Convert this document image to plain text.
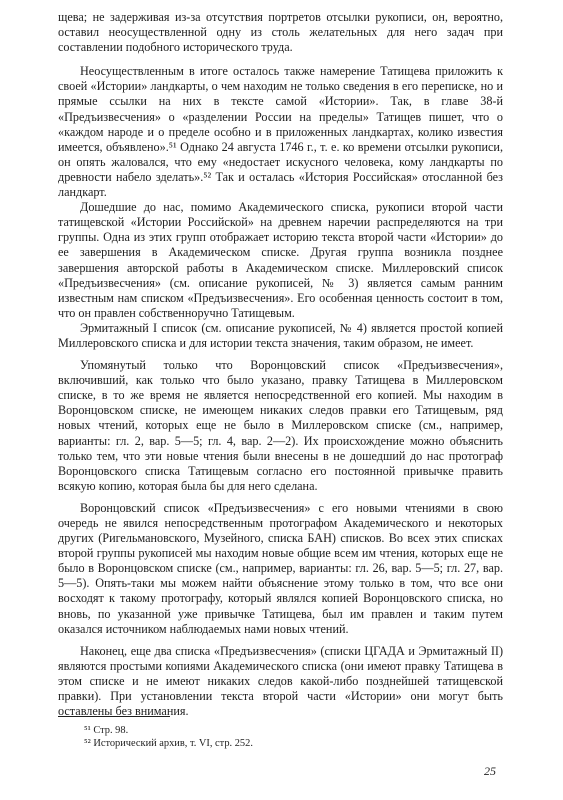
щева; не задерживая из-за отсутствия портретов отсылки рукописи, он, вероятно, оставил неосуществленной одну из столь желательных для него задач при составлении подобного исторического труда.

Неосуществленным в итоге осталось также намерение Татищева приложить к своей «Истории» ландкарты, о чем находим не только сведения в его переписке, но и прямые ссылки на них в тексте самой «Истории». Так, в главе 38-й «Предъизвесчения» о «разделении России на пределы» Татищев пишет, что о «каждом народе и о пределе особно и в приложенных ландкартах, колико известия имеется, объявлено».⁵¹ Однако 24 августа 1746 г., т. е. ко времени отсылки рукописи, он опять жаловался, что ему «недостает искусного человека, кому ландкарты по древности набело зделать».⁵² Так и осталась «История Российская» отосланной без ландкарт.

Дошедшие до нас, помимо Академического списка, рукописи второй части татищевской «Истории Российской» на древнем наречии распределяются на три группы. Одна из этих групп отображает историю текста второй части «Истории» до ее завершения в Академическом списке. Другая группа возникла позднее завершения авторской работы в Академическом списке. Миллеровский список «Предъизвесчения» (см. описание рукописей, № 3) является самым ранним известным нам списком «Предъизвесчения». Его особенная ценность состоит в том, что он правлен собственноручно Татищевым.

Эрмитажный I список (см. описание рукописей, № 4) является простой копией Миллеровского списка и для истории текста значения, таким образом, не имеет.

Упомянутый только что Воронцовский список «Предъизвесчения», включивший, как только что было указано, правку Татищева в Миллеровском списке, в то же время не является непосредственной его копией. Мы находим в Воронцовском списке, не имеющем никаких следов правки его Татищевым, ряд новых чтений, которых еще не было в Миллеровском списке (см., например, варианты: гл. 2, вар. 5—5; гл. 4, вар. 2—2). Их происхождение можно объяснить только тем, что эти новые чтения были внесены в не дошедший до нас протограф Воронцовского списка Татищевым согласно его постоянной привычке править всякую копию, которая была бы для него сделана.

Воронцовский список «Предъизвесчения» с его новыми чтениями в свою очередь не явился непосредственным протографом Академического и некоторых других (Ригельмановского, Музейного, списка БАН) списков. Во всех этих списках второй группы рукописей мы находим новые общие всем им чтения, которых еще не было в Воронцовском списке (см., например, варианты: гл. 26, вар. 5—5; гл. 27, вар. 5—5). Опять-таки мы можем найти объяснение этому только в том, что все они восходят к такому протографу, который являлся копией Воронцовского списка, но вновь, по указанной уже привычке Татищева, был им правлен и таким путем оказался источником наблюдаемых нами новых чтений.

Наконец, еще два списка «Предъизвесчения» (списки ЦГАДА и Эрмитажный II) являются простыми копиями Академического списка (они имеют правку Татищева в этом списке и не имеют никаких следов какой-либо позднейшей татищевской правки). При установлении текста второй части «Истории» они могут быть оставлены без внимания.

⁵¹ Стр. 98.

⁵² Исторический архив, т. VI, стр. 252.

25
